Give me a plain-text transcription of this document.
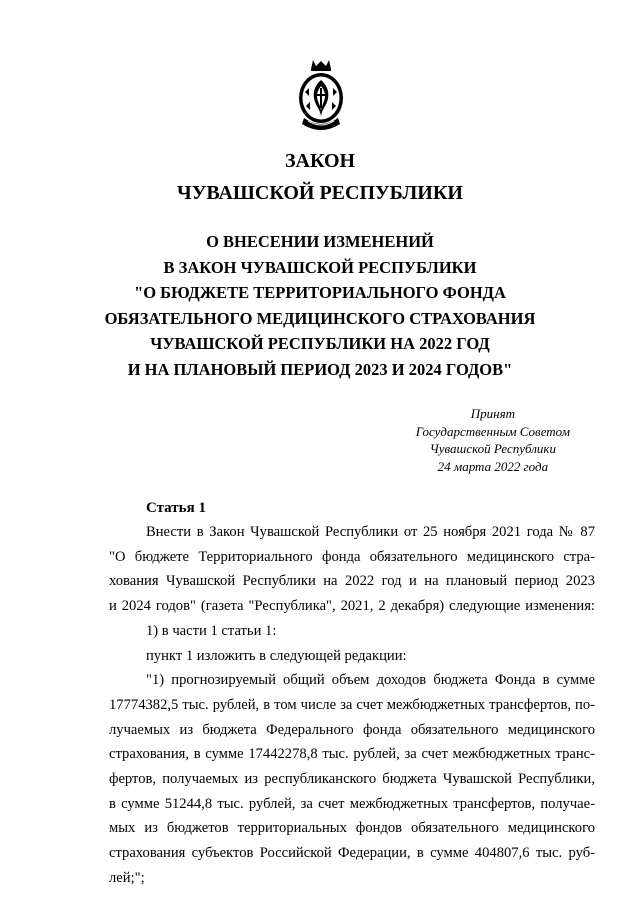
ЗАКОН
ЧУВАШСКОЙ РЕСПУБЛИКИ
О ВНЕСЕНИИ ИЗМЕНЕНИЙ
В ЗАКОН ЧУВАШСКОЙ РЕСПУБЛИКИ
"О БЮДЖЕТЕ ТЕРРИТОРИАЛЬНОГО ФОНДА
ОБЯЗАТЕЛЬНОГО МЕДИЦИНСКОГО СТРАХОВАНИЯ
ЧУВАШСКОЙ РЕСПУБЛИКИ НА 2022 ГОД
И НА ПЛАНОВЫЙ ПЕРИОД 2023 И 2024 ГОДОВ"
Принят
Государственным Советом
Чувашской Республики
24 марта 2022 года
Статья 1
Внести в Закон Чувашской Республики от 25 ноября 2021 года № 87
"О бюджете Территориального фонда обязательного медицинского стра-
хования Чувашской Республики на 2022 год и на плановый период 2023
и 2024 годов" (газета "Республика", 2021, 2 декабря) следующие изменения:
1) в части 1 статьи 1:
пункт 1 изложить в следующей редакции:
"1) прогнозируемый общий объем доходов бюджета Фонда в сумме
17774382,5 тыс. рублей, в том числе за счет межбюджетных трансфертов, по-
лучаемых из бюджета Федерального фонда обязательного медицинского
страхования, в сумме 17442278,8 тыс. рублей, за счет межбюджетных транс-
фертов, получаемых из республиканского бюджета Чувашской Республики,
в сумме 51244,8 тыс. рублей, за счет межбюджетных трансфертов, получае-
мых из бюджетов территориальных фондов обязательного медицинского
страхования субъектов Российской Федерации, в сумме 404807,6 тыс. руб-
лей;";
